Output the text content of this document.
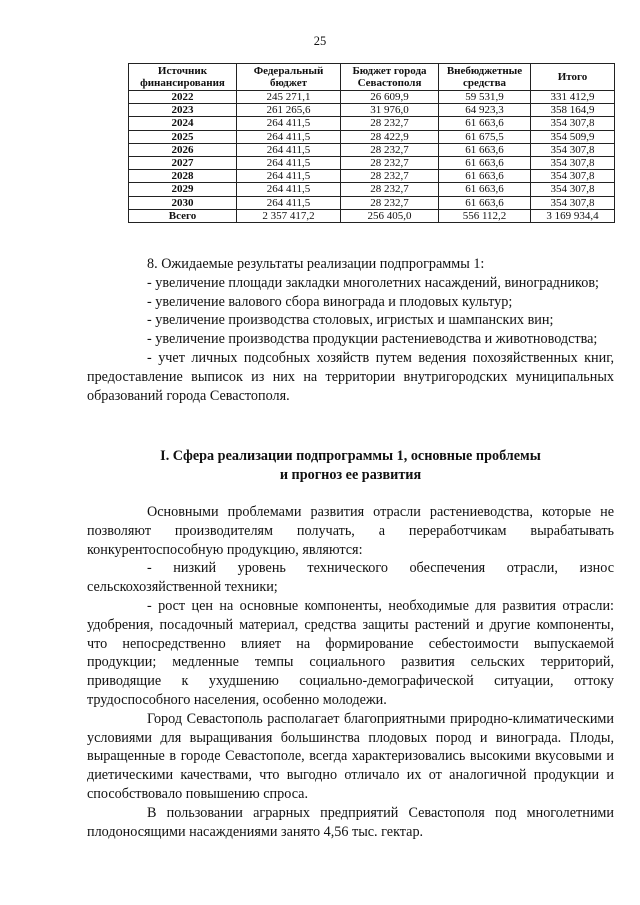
25
Источник финансирования	Федеральный бюджет	Бюджет города Севастополя	Внебюджетные средства	Итого
2022	245 271,1	26 609,9	59 531,9	331 412,9
2023	261 265,6	31 976,0	64 923,3	358 164,9
2024	264 411,5	28 232,7	61 663,6	354 307,8
2025	264 411,5	28 422,9	61 675,5	354 509,9
2026	264 411,5	28 232,7	61 663,6	354 307,8
2027	264 411,5	28 232,7	61 663,6	354 307,8
2028	264 411,5	28 232,7	61 663,6	354 307,8
2029	264 411,5	28 232,7	61 663,6	354 307,8
2030	264 411,5	28 232,7	61 663,6	354 307,8
Всего	2 357 417,2	256 405,0	556 112,2	3 169 934,4

8. Ожидаемые результаты реализации подпрограммы 1:

- увеличение площади закладки многолетних насаждений, виноградников;

- увеличение валового сбора винограда и плодовых культур;

- увеличение производства столовых, игристых и шампанских вин;

- увеличение производства продукции растениеводства и животноводства;

- учет личных подсобных хозяйств путем ведения похозяйственных книг, предоставление выписок из них на территории внутригородских муниципальных образований города Севастополя.

I. Сфера реализации подпрограммы 1, основные проблемы

и прогноз ее развития

Основными проблемами развития отрасли растениеводства, которые не позволяют производителям получать, а переработчикам вырабатывать конкурентоспособную продукцию, являются:

- низкий уровень технического обеспечения отрасли, износ сельскохозяйственной техники;

- рост цен на основные компоненты, необходимые для развития отрасли: удобрения, посадочный материал, средства защиты растений и другие компоненты, что непосредственно влияет на формирование себестоимости выпускаемой продукции; медленные темпы социального развития сельских территорий, приводящие к ухудшению социально-демографической ситуации, оттоку трудоспособного населения, особенно молодежи.

Город Севастополь располагает благоприятными природно-климатическими условиями для выращивания большинства плодовых пород и винограда. Плоды, выращенные в городе Севастополе, всегда характеризовались высокими вкусовыми и диетическими качествами, что выгодно отличало их от аналогичной продукции и способствовало повышению спроса.

В пользовании аграрных предприятий Севастополя под многолетними плодоносящими насаждениями занято 4,56 тыс. гектар.
